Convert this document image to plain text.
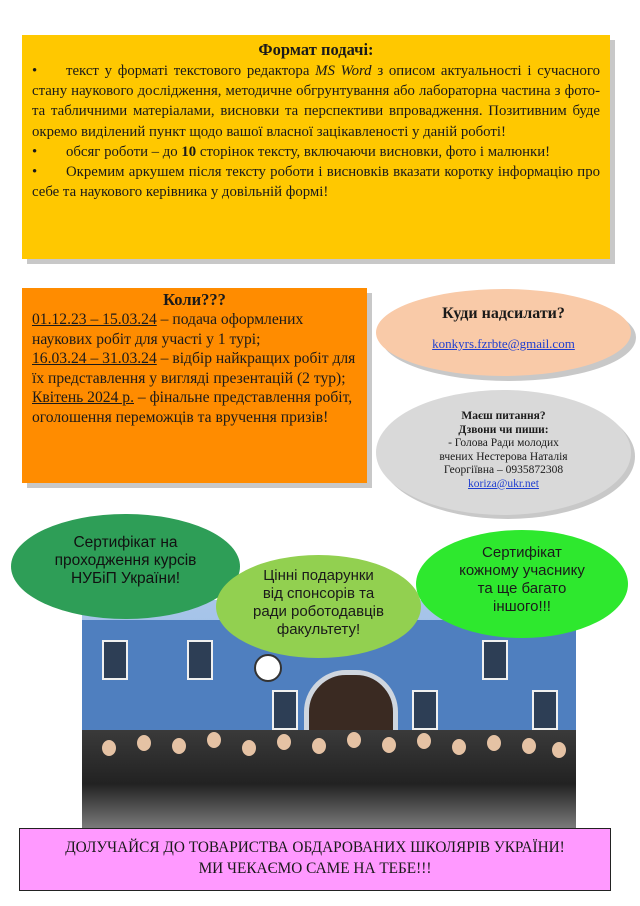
Формат подачі:

• текст у форматі текстового редактора MS Word з описом актуальності і сучасного стану наукового дослідження, методичне обгрунтування або лабораторна частина з фото- та табличними матеріалами, висновки та перспективи впровадження. Позитивним буде окремо виділений пункт щодо вашої власної зацікавленості у даній роботі!

• обсяг роботи – до 10 сторінок тексту, включаючи висновки, фото і малюнки!

• Окремим аркушем після тексту роботи і висновків вказати коротку інформацію про себе та наукового керівника у довільній формі!

Коли???

01.12.23 – 15.03.24 – подача оформлених наукових робіт для участі у 1 турі;

16.03.24 – 31.03.24 – відбір найкращих робіт для їх представлення у вигляді презентацій (2 тур);

Квітень 2024 р. – фінальне представлення робіт, оголошення переможців та вручення призів!

Куди надсилати?
konkyrs.fzrbte@gmail.com
Маєш питання?
Дзвони чи пиши:
- Голова Ради молодих
вчених Нестерова Наталія
Георгіївна – 0935872308
koriza@ukr.net
Сертифікат на
проходження курсів
НУБіП України!
Сертифікат
кожному учаснику
та ще багато
іншого!!!
Цінні подарунки
від спонсорів та
ради роботодавців
факультету!
ДОЛУЧАЙСЯ ДО ТОВАРИСТВА ОБДАРОВАНИХ ШКОЛЯРІВ УКРАЇНИ!
МИ ЧЕКАЄМО САМЕ НА ТЕБЕ!!!
